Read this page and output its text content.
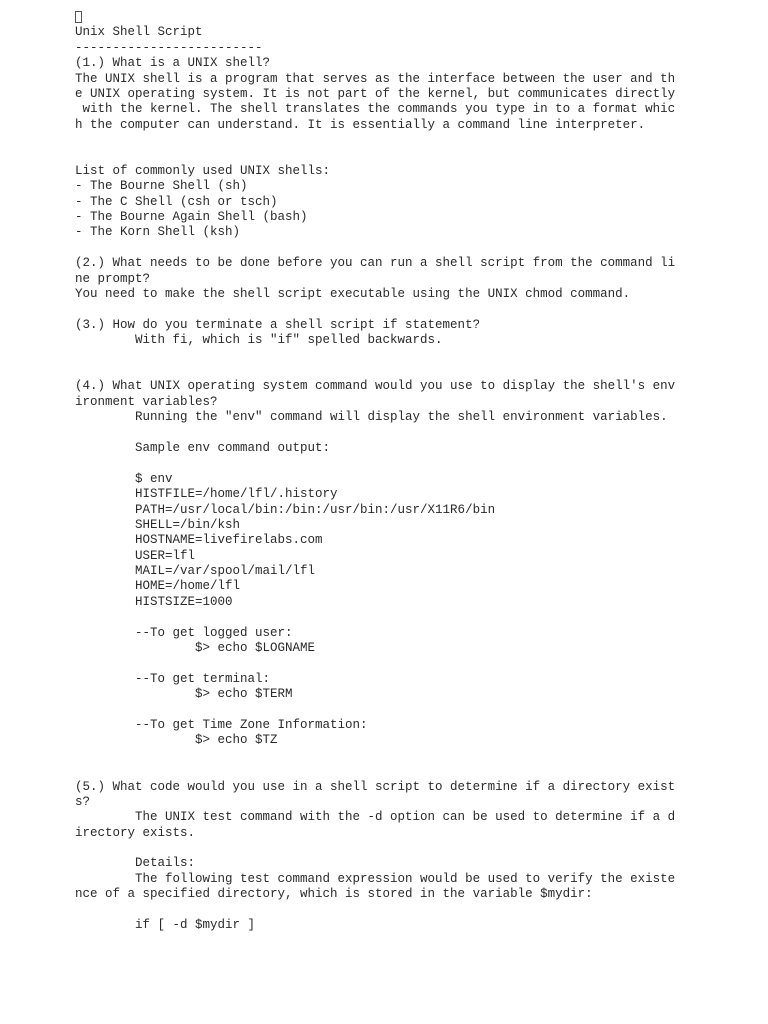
Unix Shell Script
-------------------------
(1.) What is a UNIX shell?
The UNIX shell is a program that serves as the interface between the user and th
e UNIX operating system. It is not part of the kernel, but communicates directly
with the kernel. The shell translates the commands you type in to a format whic
h the computer can understand. It is essentially a command line interpreter.
List of commonly used UNIX shells:
- The Bourne Shell (sh)
- The C Shell (csh or tsch)
- The Bourne Again Shell (bash)
- The Korn Shell (ksh)
(2.) What needs to be done before you can run a shell script from the command li
ne prompt?
You need to make the shell script executable using the UNIX chmod command.
(3.) How do you terminate a shell script if statement?
With fi, which is "if" spelled backwards.
(4.) What UNIX operating system command would you use to display the shell's env
ironment variables?
Running the "env" command will display the shell environment variables.
Sample env command output:
$ env
HISTFILE=/home/lfl/.history
PATH=/usr/local/bin:/bin:/usr/bin:/usr/X11R6/bin
SHELL=/bin/ksh
HOSTNAME=livefirelabs.com
USER=lfl
MAIL=/var/spool/mail/lfl
HOME=/home/lfl
HISTSIZE=1000
--To get logged user:
$> echo $LOGNAME
--To get terminal:
$> echo $TERM
--To get Time Zone Information:
$> echo $TZ
(5.) What code would you use in a shell script to determine if a directory exist
s?
The UNIX test command with the -d option can be used to determine if a d
irectory exists.
Details:
The following test command expression would be used to verify the existe
nce of a specified directory, which is stored in the variable $mydir:
if [ -d $mydir ]
